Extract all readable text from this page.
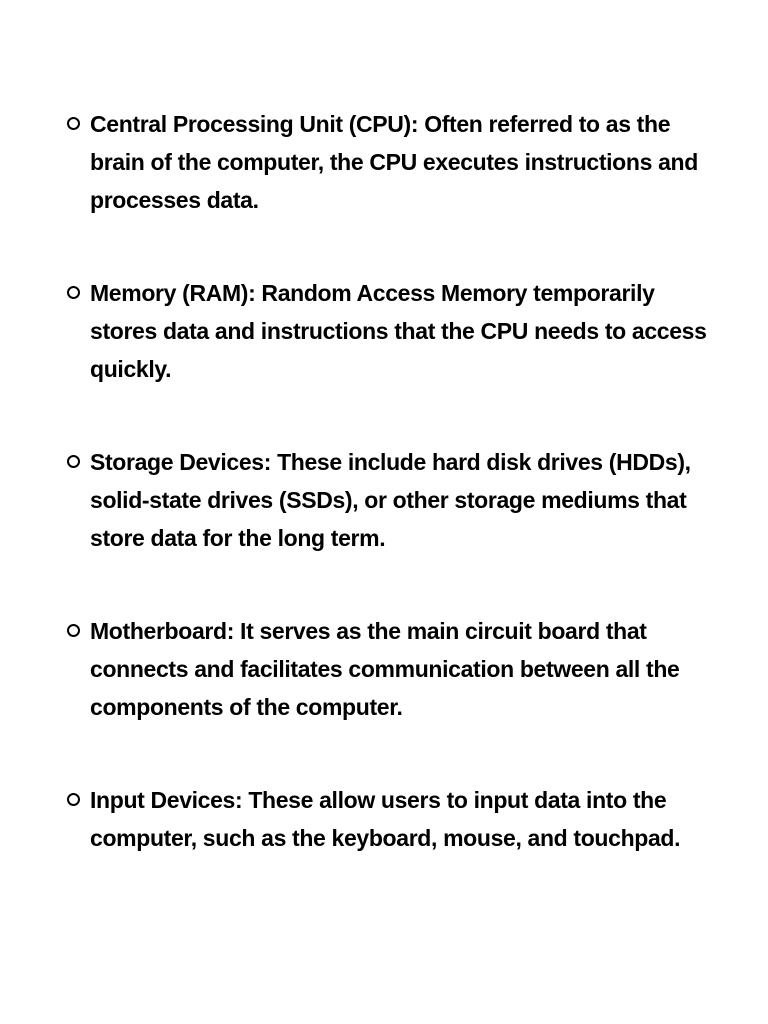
Central Processing Unit (CPU): Often referred to as the brain of the computer, the CPU executes instructions and processes data.
Memory (RAM): Random Access Memory temporarily stores data and instructions that the CPU needs to access quickly.
Storage Devices: These include hard disk drives (HDDs), solid-state drives (SSDs), or other storage mediums that store data for the long term.
Motherboard: It serves as the main circuit board that connects and facilitates communication between all the components of the computer.
Input Devices: These allow users to input data into the computer, such as the keyboard, mouse, and touchpad.
